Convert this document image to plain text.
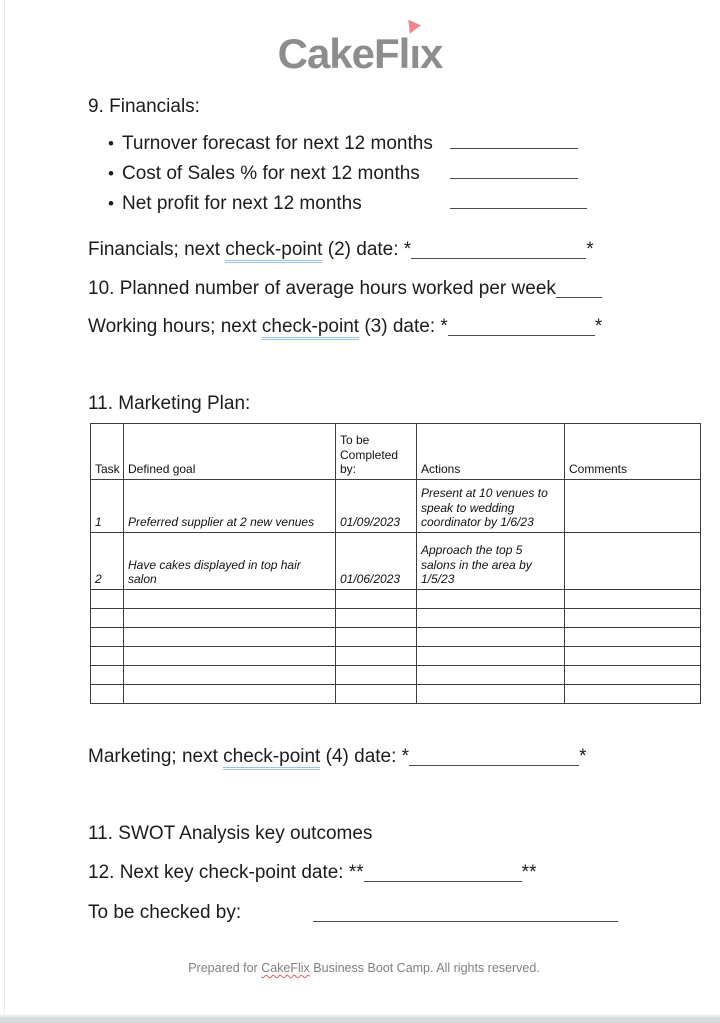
CakeFl
ıx
9. Financials:
• Turnover forecast for next 12 months
• Cost of Sales % for next 12 months
• Net profit for next 12 months
Financials; next check-point (2) date: *	*
10. Planned number of average hours worked per week
Working hours; next check-point (3) date: *	*
11. Marketing Plan:
Task	Defined goal	To be Completed by:	Actions	Comments
1	Preferred supplier at 2 new venues	01/09/2023	Present at 10 venues to speak to wedding coordinator by 1/6/23	
2	Have cakes displayed in top hair salon	01/06/2023	Approach the top 5 salons in the area by 1/5/23	

Marketing; next check-point (4) date: *	*
11. SWOT Analysis key outcomes
12. Next key check-point date: **	**
To be checked by:
Prepared for CakeFlix Business Boot Camp. All rights reserved.
